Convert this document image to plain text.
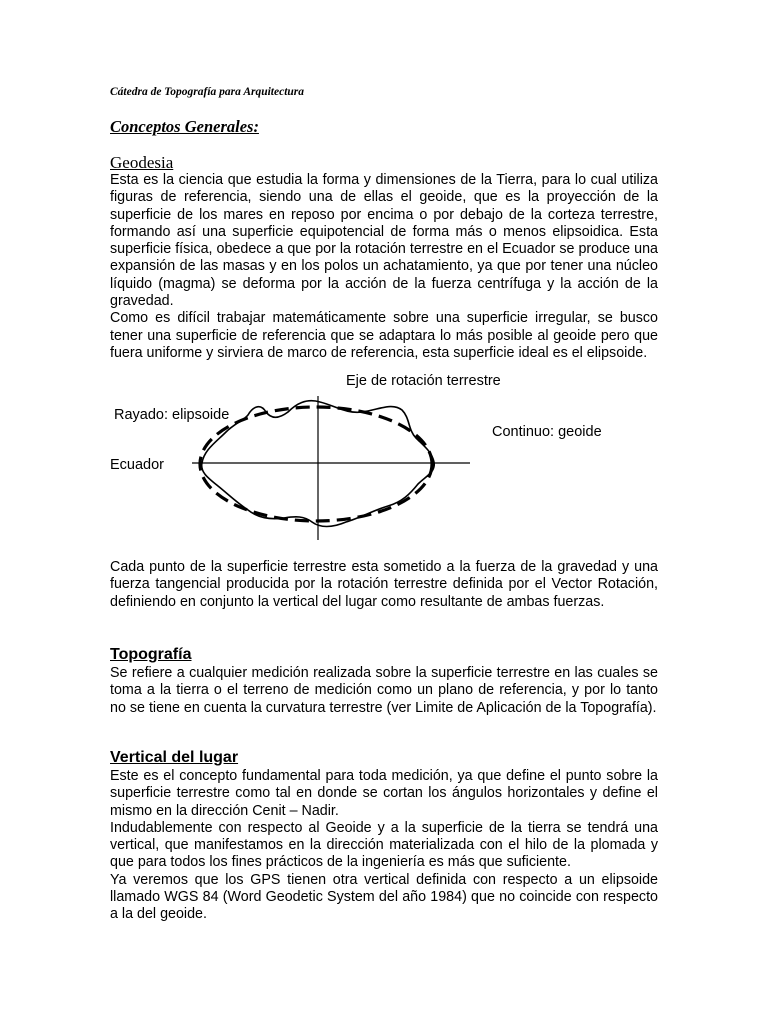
Cátedra de Topografía para Arquitectura
Conceptos Generales:
Geodesia

Esta es la ciencia que estudia la forma y dimensiones de la Tierra, para lo cual utiliza figuras de referencia, siendo una de ellas el geoide, que es la proyección de la superficie de los mares en reposo por encima o por debajo de la corteza terrestre, formando así una superficie equipotencial de forma más o menos elipsoidica. Esta superficie física, obedece a que por la rotación terrestre en el Ecuador se produce una expansión de las masas y en los polos un achatamiento, ya que por tener una núcleo líquido (magma) se deforma por la acción de la fuerza centrífuga y la acción de la gravedad.

Como es difícil trabajar matemáticamente sobre una superficie irregular, se busco tener una superficie de referencia que se adaptara lo más posible al geoide pero que fuera uniforme y sirviera de marco de referencia, esta superficie ideal es el elipsoide.

Eje de rotación terrestre
Rayado: elipsoide
Continuo: geoide
Ecuador

Cada punto de la superficie terrestre esta sometido a la fuerza de la gravedad y una fuerza tangencial producida por la rotación terrestre definida por el Vector Rotación, definiendo en conjunto la vertical del lugar como resultante de ambas fuerzas.

Topografía

Se refiere a cualquier medición realizada sobre la superficie terrestre en las cuales se toma a la tierra o el terreno de medición como un plano de referencia, y por lo tanto no se tiene en cuenta la curvatura terrestre (ver Limite de Aplicación de la Topografía).

Vertical del lugar

Este es el concepto fundamental para toda medición, ya que define el punto sobre la superficie terrestre como tal en donde se cortan los ángulos horizontales y define el mismo en la dirección Cenit – Nadir.

Indudablemente con respecto al Geoide y a la superficie de la tierra se tendrá una vertical, que manifestamos en la dirección materializada con el hilo de la plomada y que para todos los fines prácticos de la ingeniería es más que suficiente.

Ya veremos que los GPS tienen otra vertical definida con respecto a un elipsoide llamado WGS 84 (Word Geodetic System del año 1984) que no coincide con respecto a la del geoide.
